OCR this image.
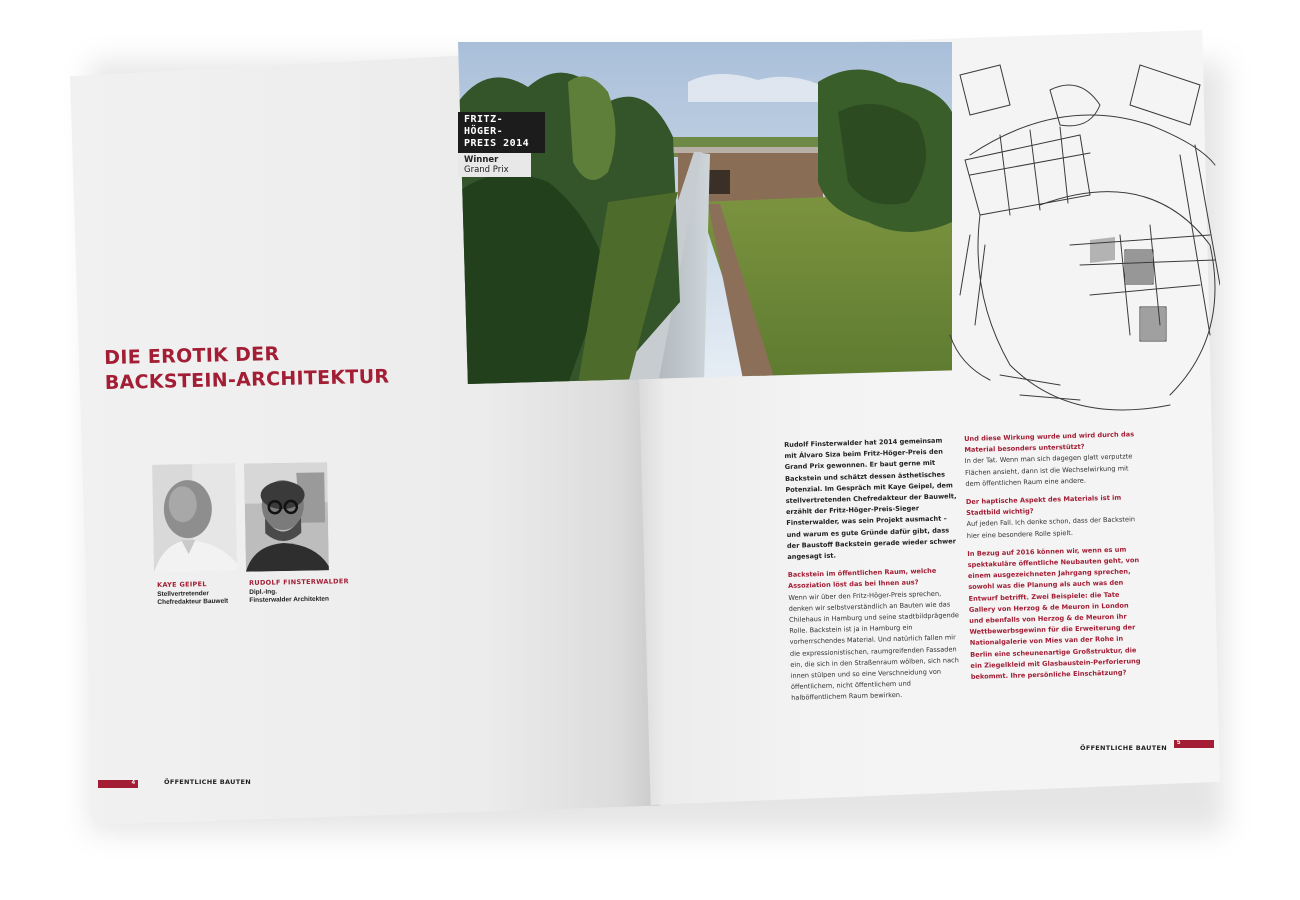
DIE EROTIK DER
BACKSTEIN-ARCHITEKTUR
KAYE GEIPEL
Stellvertretender
Chefredakteur Bauwelt
RUDOLF FINSTERWALDER
Dipl.-Ing.
Finsterwalder Architekten
4	ÖFFENTLICHE BAUTEN
FRITZ-HÖGER-
PREIS 2014
Winner
Grand Prix

Rudolf Finsterwalder hat 2014 gemeinsam mit Álvaro Siza beim Fritz-Höger-Preis den Grand Prix gewonnen. Er baut gerne mit Backstein und schätzt dessen ästhetisches Potenzial. Im Gespräch mit Kaye Geipel, dem stellvertretenden Chefredakteur der Bauwelt, erzählt der Fritz-Höger-Preis-Sieger Finsterwalder, was sein Projekt ausmacht – und warum es gute Gründe dafür gibt, dass der Baustoff Backstein gerade wieder schwer angesagt ist.

Backstein im öffentlichen Raum, welche Assoziation löst das bei Ihnen aus?

Wenn wir über den Fritz-Höger-Preis sprechen, denken wir selbstverständlich an Bauten wie das Chilehaus in Hamburg und seine stadtbildprägende Rolle. Backstein ist ja in Hamburg ein vorherrschendes Material. Und natürlich fallen mir die expressionistischen, raumgreifenden Fassaden ein, die sich in den Straßenraum wölben, sich nach innen stülpen und so eine Verschneidung von öffentlichem, nicht öffentlichem und halböffentlichem Raum bewirken.

Und diese Wirkung wurde und wird durch das Material besonders unterstützt?

In der Tat. Wenn man sich dagegen glatt verputzte Flächen ansieht, dann ist die Wechselwirkung mit dem öffentlichen Raum eine andere.

Der haptische Aspekt des Materials ist im Stadtbild wichtig?

Auf jeden Fall. Ich denke schon, dass der Backstein hier eine besondere Rolle spielt.

In Bezug auf 2016 können wir, wenn es um spektakuläre öffentliche Neubauten geht, von einem ausgezeichneten Jahrgang sprechen, sowohl was die Planung als auch was den Entwurf betrifft. Zwei Beispiele: die Tate Gallery von Herzog & de Meuron in London und ebenfalls von Herzog & de Meuron ihr Wettbewerbsgewinn für die Erweiterung der Nationalgalerie von Mies van der Rohe in Berlin eine scheunenartige Großstruktur, die ein Ziegelkleid mit Glasbaustein-Perforierung bekommt. Ihre persönliche Einschätzung?

ÖFFENTLICHE BAUTEN
5
